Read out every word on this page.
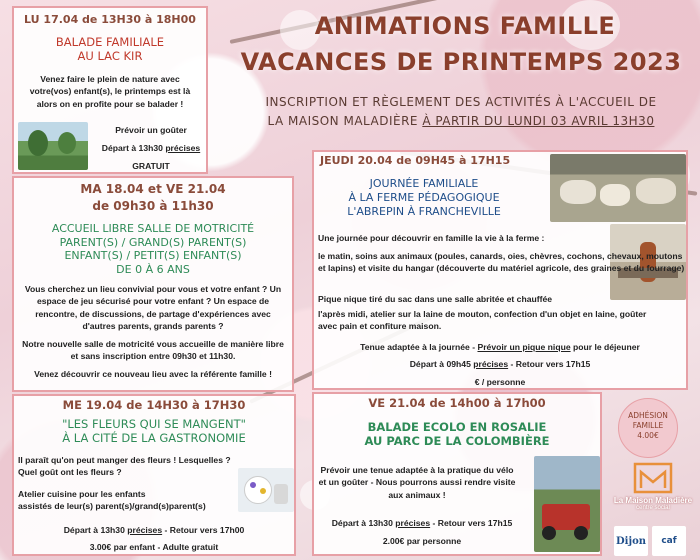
ANIMATIONS FAMILLE
VACANCES DE PRINTEMPS 2023
INSCRIPTION ET RÈGLEMENT DES ACTIVITÉS À L'ACCUEIL DE
LA MAISON MALADIÈRE À PARTIR DU LUNDI 03 AVRIL 13H30
LU 17.04 de 13H30 à 18H00
BALADE FAMILIALE
AU LAC KIR
Venez faire le plein de nature avec votre(vos) enfant(s), le printemps est là alors on en profite pour se balader !
Prévoir un goûter
Départ à 13h30 précises
GRATUIT
MA 18.04 et VE 21.04
de 09h30 à 11h30
ACCUEIL LIBRE SALLE DE MOTRICITÉ
PARENT(S) / GRAND(S) PARENT(S)
ENFANT(S) / PETIT(S) ENFANT(S)
DE 0 À 6 ANS
Vous cherchez un lieu convivial pour vous et votre enfant ? Un espace de jeu sécurisé pour votre enfant ? Un espace de rencontre, de discussions, de partage d'expériences avec d'autres parents, grands parents ?
Notre nouvelle salle de motricité vous accueille de manière libre et sans inscription entre 09h30 et 11h30.
Venez découvrir ce nouveau lieu avec la référente famille !
ME 19.04 de 14H30 à 17H30
"LES FLEURS QUI SE MANGENT"
À LA CITÉ DE LA GASTRONOMIE
Il paraît qu'on peut manger des fleurs ! Lesquelles ? Quel goût ont les fleurs ?
Atelier cuisine pour les enfants
assistés de leur(s) parent(s)/grand(s)parent(s)
Départ à 13h30 précises - Retour vers 17h00
3.00€ par enfant - Adulte gratuit
JEUDI 20.04 de 09H45 à 17H15
JOURNÉE FAMILIALE
À LA FERME PÉDAGOGIQUE
L'ABREPIN À FRANCHEVILLE
Une journée pour découvrir en famille la vie à la ferme :
le matin, soins aux animaux (poules, canards, oies, chèvres, cochons, chevaux, moutons et lapins) et visite du hangar (découverte du matériel agricole, des graines et du fourrage)
Pique nique tiré du sac dans une salle abritée et chauffée
l'après midi, atelier sur la laine de mouton, confection d'un objet en laine, goûter avec pain et confiture maison.
Tenue adaptée à la journée - Prévoir un pique nique pour le déjeuner
Départ à 09h45 précises - Retour vers 17h15
€ / personne
VE 21.04 de 14h00 à 17h00
BALADE ECOLO EN ROSALIE
AU PARC DE LA COLOMBIÈRE
Prévoir une tenue adaptée à la pratique du vélo et un goûter - Nous pourrons aussi rendre visite aux animaux !
Départ à 13h30 précises - Retour vers 17h15
2.00€ par personne
ADHÉSION
FAMILLE
4.00€
La Maison Maladière
centre social
Dijon	caf
